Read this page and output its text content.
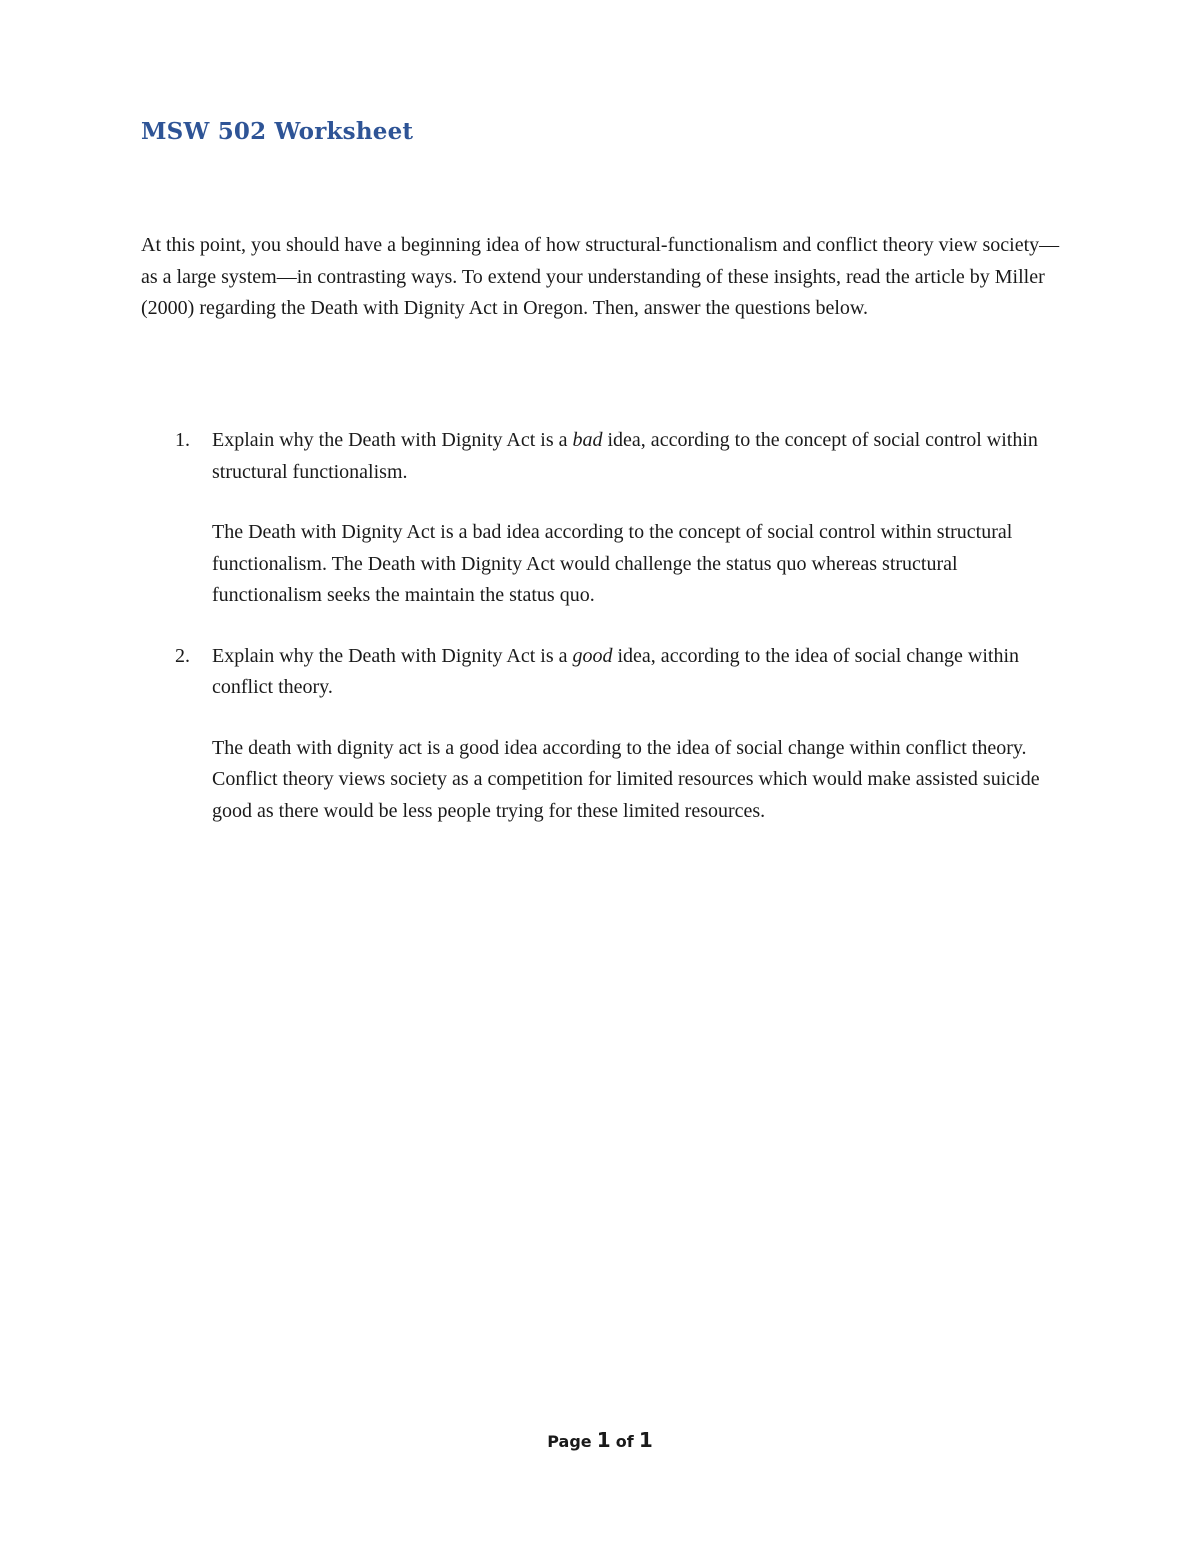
MSW 502 Worksheet

At this point, you should have a beginning idea of how structural-functionalism and conflict theory view society—as a large system—in contrasting ways. To extend your understanding of these insights, read the article by Miller (2000) regarding the Death with Dignity Act in Oregon. Then, answer the questions below.

1. Explain why the Death with Dignity Act is a bad idea, according to the concept of social control within structural functionalism.

The Death with Dignity Act is a bad idea according to the concept of social control within structural functionalism. The Death with Dignity Act would challenge the status quo whereas structural functionalism seeks the maintain the status quo.

2. Explain why the Death with Dignity Act is a good idea, according to the idea of social change within conflict theory.

The death with dignity act is a good idea according to the idea of social change within conflict theory. Conflict theory views society as a competition for limited resources which would make assisted suicide good as there would be less people trying for these limited resources.

Page 1 of 1
